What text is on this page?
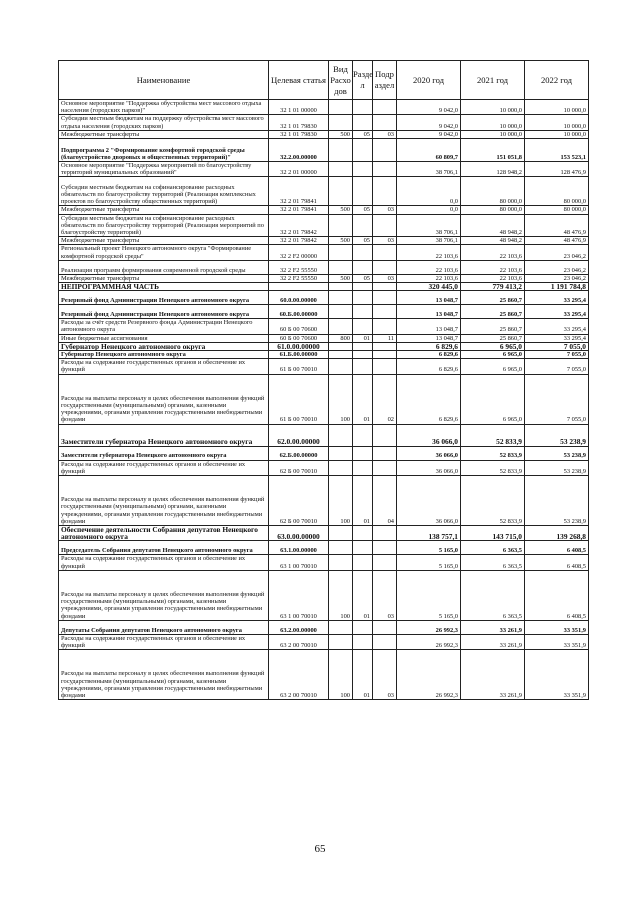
Наименование	Целевая статья	Вид Расхо дов	Разде л	Подр аздел	2020 год	2021 год	2022 год
Основное мероприятие "Поддержка обустройства мест массового отдыха населения (городских парков)"	32 1 01 00000				9 042,0	10 000,0	10 000,0
Субсидии местным бюджетам на поддержку обустройства мест массового отдыха населения (городских парков)	32 1 01 79830				9 042,0	10 000,0	10 000,0
Межбюджетные трансферты	32 1 01 79830	500	05	03	9 042,0	10 000,0	10 000,0
Подпрограмма 2 "Формирование комфортной городской среды (благоустройство дворовых и общественных территорий)"	32.2.00.00000				60 809,7	151 051,8	153 523,1
Основное мероприятие "Поддержка мероприятий по благоустройству территорий муниципальных образований"	32 2 01 00000				38 706,1	128 948,2	128 476,9
Субсидии местным бюджетам на софинансирование расходных обязательств по благоустройству территорий (Реализация комплексных проектов по благоустройству общественных территорий)	32 2 01 79841				0,0	80 000,0	80 000,0
Межбюджетные трансферты	32 2 01 79841	500	05	03	0,0	80 000,0	80 000,0
Субсидии местным бюджетам на софинансирование расходных обязательств по благоустройству территорий (Реализация мероприятий по благоустройству территорий)	32 2 01 79842				38 706,1	48 948,2	48 476,9
Межбюджетные трансферты	32 2 01 79842	500	05	03	38 706,1	48 948,2	48 476,9
Региональный проект Ненецкого автономного округа "Формирование комфортной городской среды"	32 2 F2 00000				22 103,6	22 103,6	23 046,2
Реализация программ формирования современной городской среды	32 2 F2 55550				22 103,6	22 103,6	23 046,2
Межбюджетные трансферты	32 2 F2 55550	500	05	03	22 103,6	22 103,6	23 046,2
НЕПРОГРАММНАЯ ЧАСТЬ					320 445,0	779 413,2	1 191 784,8
Резервный фонд Администрации Ненецкого автономного округа	60.0.00.00000				13 048,7	25 860,7	33 295,4
Резервный фонд Администрации Ненецкого автономного округа	60.Б.00.00000				13 048,7	25 860,7	33 295,4
Расходы за счёт средств Резервного фонда Администрации Ненецкого автономного округа	60 Б 00 70600				13 048,7	25 860,7	33 295,4
Иные бюджетные ассигнования	60 Б 00 70600	800	01	11	13 048,7	25 860,7	33 295,4
Губернатор Ненецкого автономного округа	61.0.00.00000				6 829,6	6 965,0	7 055,0
Губернатор Ненецкого автономного округа	61.Б.00.00000				6 829,6	6 965,0	7 055,0
Расходы на содержание государственных органов и обеспечение их функций	61 Б 00 70010				6 829,6	6 965,0	7 055,0
Расходы на выплаты персоналу в целях обеспечения выполнения функций государственными (муниципальными) органами, казенными учреждениями, органами управления государственными внебюджетными фондами	61 Б 00 70010	100	01	02	6 829,6	6 965,0	7 055,0
Заместители губернатора Ненецкого автономного округа	62.0.00.00000				36 066,0	52 833,9	53 238,9
Заместители губернатора Ненецкого автономного округа	62.Б.00.00000				36 066,0	52 833,9	53 238,9
Расходы на содержание государственных органов и обеспечение их функций	62 Б 00 70010				36 066,0	52 833,9	53 238,9
Расходы на выплаты персоналу в целях обеспечения выполнения функций государственными (муниципальными) органами, казенными учреждениями, органами управления государственными внебюджетными фондами	62 Б 00 70010	100	01	04	36 066,0	52 833,9	53 238,9
Обеспечение деятельности Собрания депутатов Ненецкого автономного округа	63.0.00.00000				138 757,1	143 715,0	139 268,8
Председатель Собрания депутатов Ненецкого автономного округа	63.1.00.00000				5 165,0	6 363,5	6 408,5
Расходы на содержание государственных органов и обеспечение их функций	63 1 00 70010				5 165,0	6 363,5	6 408,5
Расходы на выплаты персоналу в целях обеспечения выполнения функций государственными (муниципальными) органами, казенными учреждениями, органами управления государственными внебюджетными фондами	63 1 00 70010	100	01	03	5 165,0	6 363,5	6 408,5
Депутаты Собрания депутатов Ненецкого автономного округа	63.2.00.00000				26 992,3	33 261,9	33 351,9
Расходы на содержание государственных органов и обеспечение их функций	63 2 00 70010				26 992,3	33 261,9	33 351,9
Расходы на выплаты персоналу в целях обеспечения выполнения функций государственными (муниципальными) органами, казенными учреждениями, органами управления государственными внебюджетными фондами	63 2 00 70010	100	01	03	26 992,3	33 261,9	33 351,9
65
